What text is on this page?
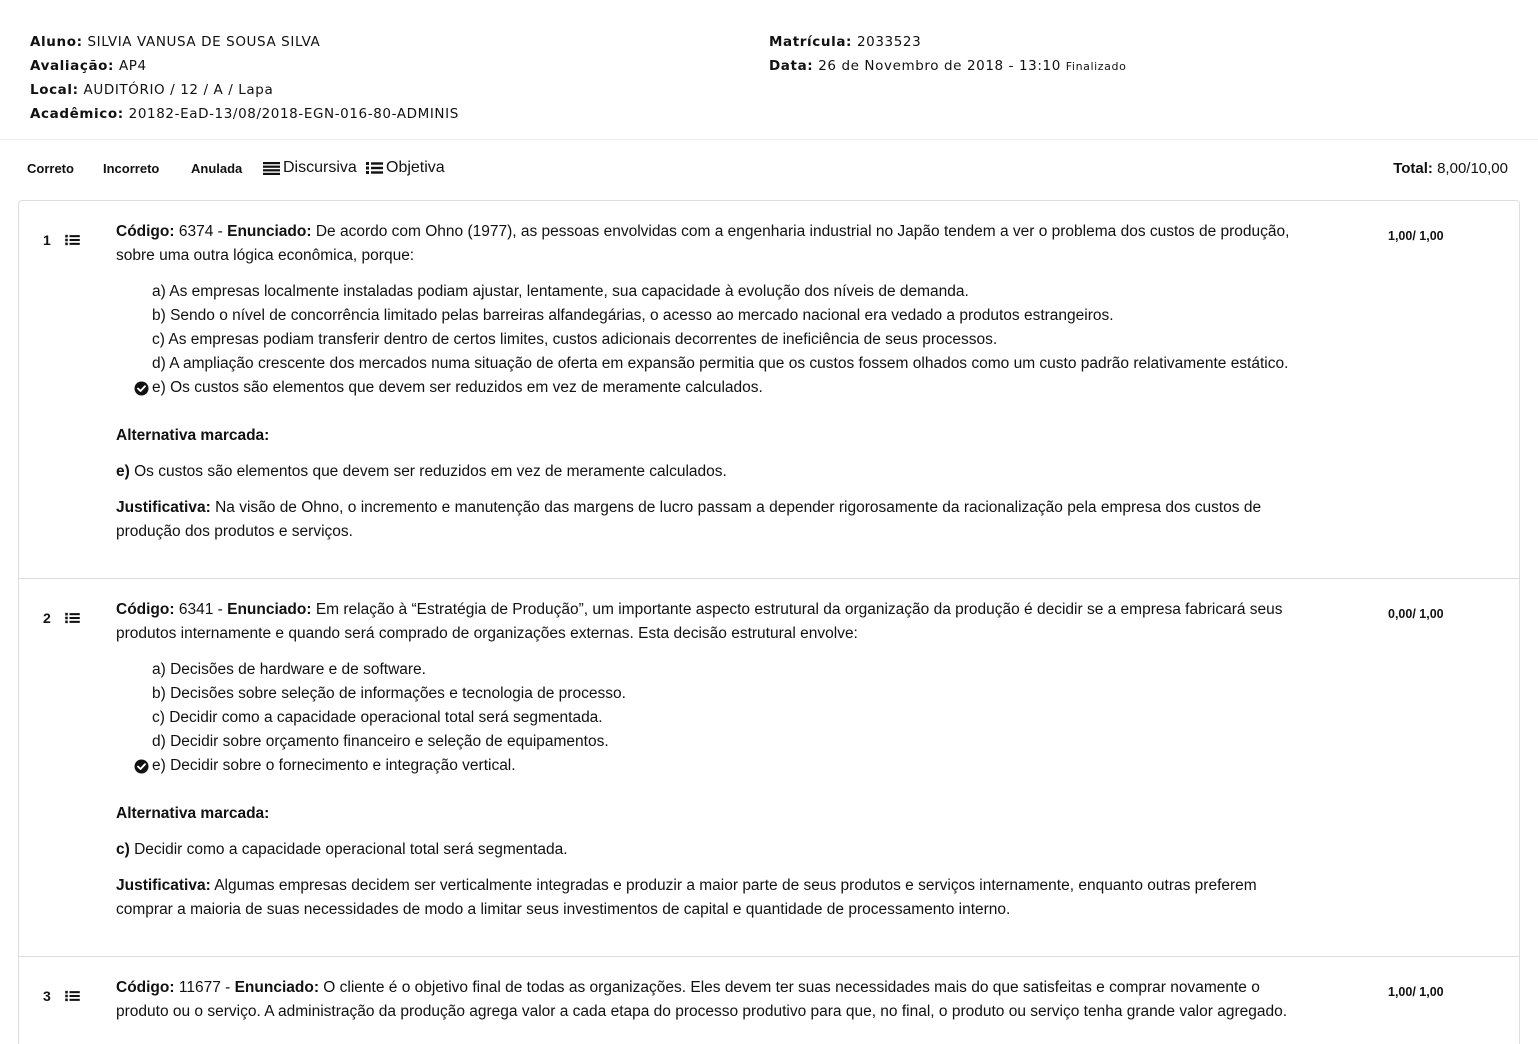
Aluno: SILVIA VANUSA DE SOUSA SILVA
Avaliação: AP4
Local: AUDITÓRIO / 12 / A / Lapa
Acadêmico: 20182-EaD-13/08/2018-EGN-016-80-ADMINIS
Matrícula: 2033523
Data: 26 de Novembro de 2018 - 13:10 Finalizado
Correto Incorreto Anulada	Discursiva Objetiva	Total: 8,00/10,00
1	1,00/ 1,00

Código: 6374 - Enunciado: De acordo com Ohno (1977), as pessoas envolvidas com a engenharia industrial no Japão tendem a ver o problema dos custos de produção, sobre uma outra lógica econômica, porque:

a) As empresas localmente instaladas podiam ajustar, lentamente, sua capacidade à evolução dos níveis de demanda.
b) Sendo o nível de concorrência limitado pelas barreiras alfandegárias, o acesso ao mercado nacional era vedado a produtos estrangeiros.
c) As empresas podiam transferir dentro de certos limites, custos adicionais decorrentes de ineficiência de seus processos.
d) A ampliação crescente dos mercados numa situação de oferta em expansão permitia que os custos fossem olhados como um custo padrão relativamente estático.
e) Os custos são elementos que devem ser reduzidos em vez de meramente calculados.
Alternativa marcada:
e) Os custos são elementos que devem ser reduzidos em vez de meramente calculados.
Justificativa: Na visão de Ohno, o incremento e manutenção das margens de lucro passam a depender rigorosamente da racionalização pela empresa dos custos de produção dos produtos e serviços.
2	0,00/ 1,00

Código: 6341 - Enunciado: Em relação à “Estratégia de Produção”, um importante aspecto estrutural da organização da produção é decidir se a empresa fabricará seus produtos internamente e quando será comprado de organizações externas. Esta decisão estrutural envolve:

a) Decisões de hardware e de software.
b) Decisões sobre seleção de informações e tecnologia de processo.
c) Decidir como a capacidade operacional total será segmentada.
d) Decidir sobre orçamento financeiro e seleção de equipamentos.
e) Decidir sobre o fornecimento e integração vertical.
Alternativa marcada:
c) Decidir como a capacidade operacional total será segmentada.
Justificativa: Algumas empresas decidem ser verticalmente integradas e produzir a maior parte de seus produtos e serviços internamente, enquanto outras preferem comprar a maioria de suas necessidades de modo a limitar seus investimentos de capital e quantidade de processamento interno.
3	1,00/ 1,00

Código: 11677 - Enunciado: O cliente é o objetivo final de todas as organizações. Eles devem ter suas necessidades mais do que satisfeitas e comprar novamente o produto ou o serviço. A administração da produção agrega valor a cada etapa do processo produtivo para que, no final, o produto ou serviço tenha grande valor agregado.
